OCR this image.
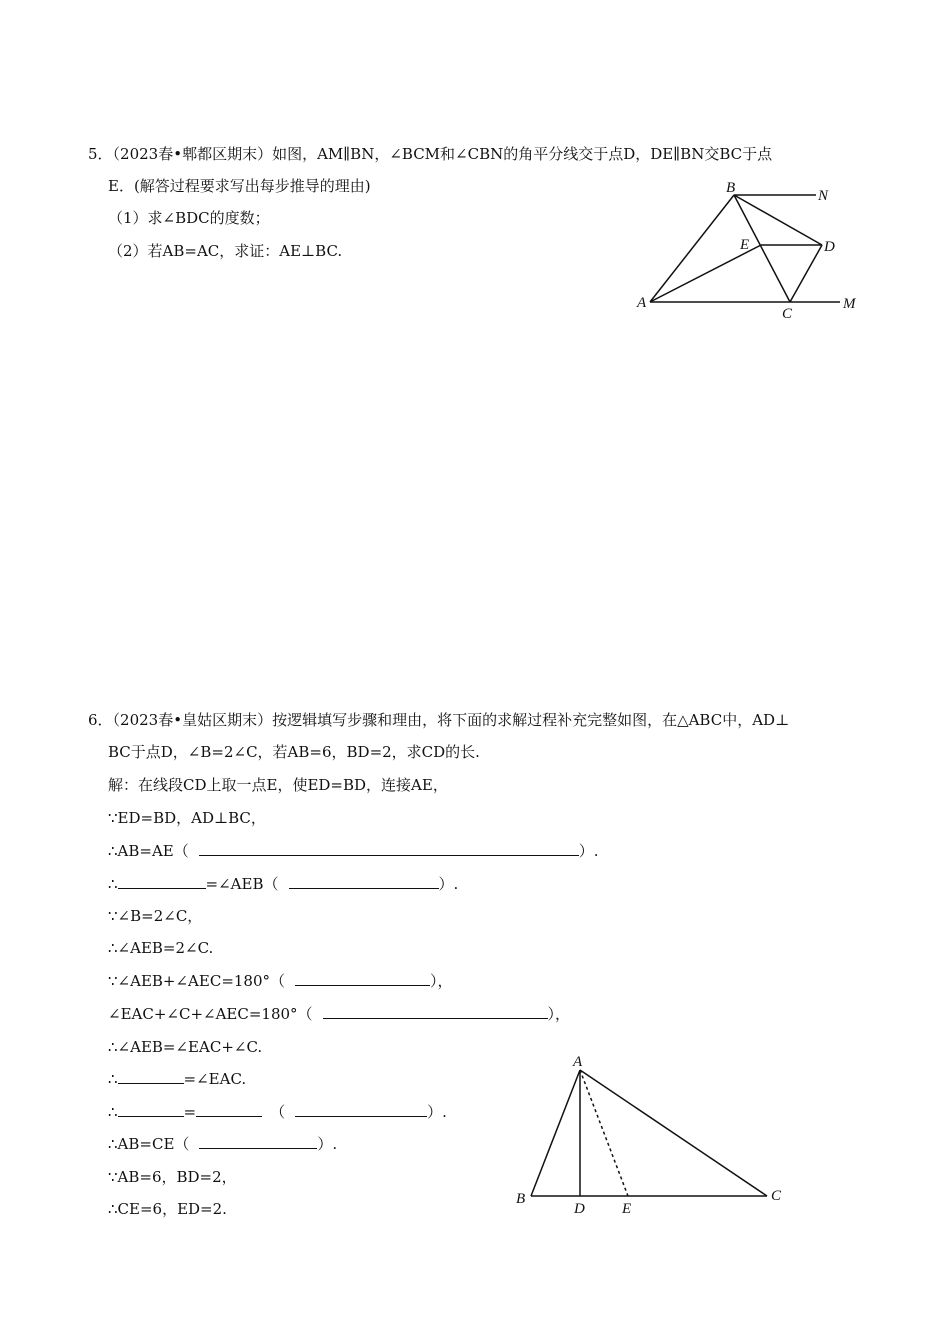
5．（2023春•郫都区期末）如图，AM∥BN，∠BCM和∠CBN的角平分线交于点D，DE∥BN交BC于点
E．(解答过程要求写出每步推导的理由)
（1）求∠BDC的度数；
（2）若AB=AC，求证：AE⊥BC.
B	N
E	D
A
C
M
6．（2023春•皇姑区期末）按逻辑填写步骤和理由，将下面的求解过程补充完整如图，在△ABC中，AD⊥
BC于点D，∠B=2∠C，若AB=6，BD=2，求CD的长.
解：在线段CD上取一点E，使ED=BD，连接AE，
∵ED=BD，AD⊥BC，
∴AB=AE（	）.
∴	=∠AEB（	）.
∵∠B=2∠C，
∴∠AEB=2∠C.
∵∠AEB+∠AEC=180°（	），
∠EAC+∠C+∠AEC=180°（	），
∴∠AEB=∠EAC+∠C.
∴	=∠EAC.
∴	=	（	）.
∴AB=CE（	）.
∵AB=6，BD=2，
∴CE=6，ED=2.
A
B
D E
C
